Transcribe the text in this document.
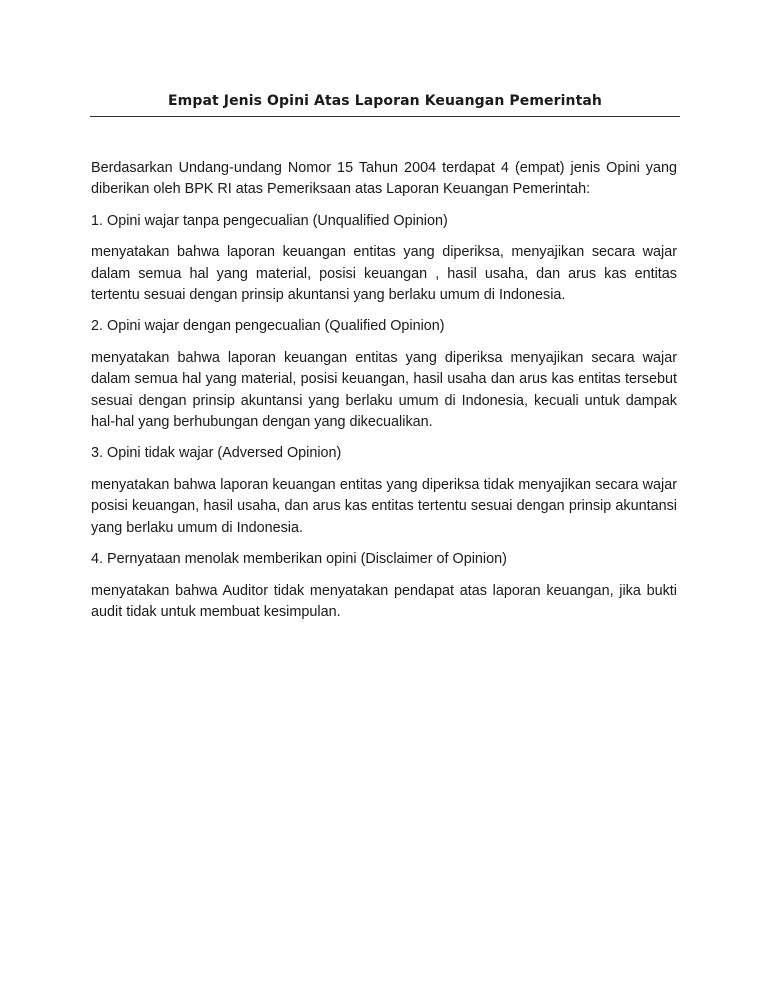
Empat Jenis Opini Atas Laporan Keuangan Pemerintah

Berdasarkan Undang-undang Nomor 15 Tahun 2004 terdapat 4 (empat) jenis Opini yang diberikan oleh BPK RI atas Pemeriksaan atas Laporan Keuangan Pemerintah:

1. Opini wajar tanpa pengecualian (Unqualified Opinion)

menyatakan bahwa laporan keuangan entitas yang diperiksa, menyajikan secara wajar dalam semua hal yang material, posisi keuangan , hasil usaha, dan arus kas entitas tertentu sesuai dengan prinsip akuntansi yang berlaku umum di Indonesia.

2. Opini wajar dengan pengecualian (Qualified Opinion)

menyatakan bahwa laporan keuangan entitas yang diperiksa menyajikan secara wajar dalam semua hal yang material, posisi keuangan, hasil usaha dan arus kas entitas tersebut sesuai dengan prinsip akuntansi yang berlaku umum di Indonesia, kecuali untuk dampak hal-hal yang berhubungan dengan yang dikecualikan.

3. Opini tidak wajar (Adversed Opinion)

menyatakan bahwa laporan keuangan entitas yang diperiksa tidak menyajikan secara wajar posisi keuangan, hasil usaha, dan arus kas entitas tertentu sesuai dengan prinsip akuntansi yang berlaku umum di Indonesia.

4. Pernyataan menolak memberikan opini (Disclaimer of Opinion)

menyatakan bahwa Auditor tidak menyatakan pendapat atas laporan keuangan, jika bukti audit tidak untuk membuat kesimpulan.
